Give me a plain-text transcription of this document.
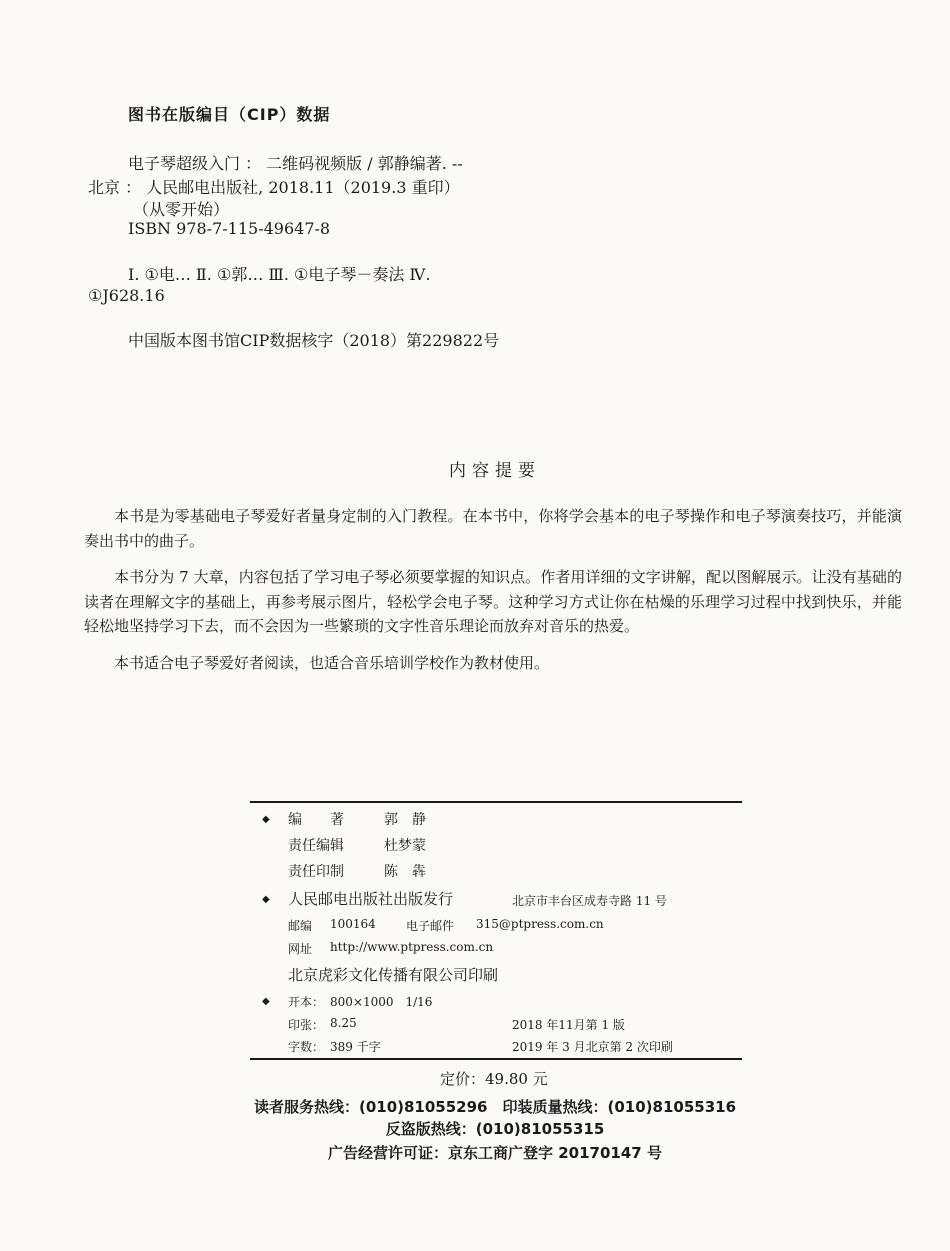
图书在版编目（CIP）数据
电子琴超级入门 ： 二维码视频版 / 郭静编著. --
北京 ： 人民邮电出版社, 2018.11（2019.3 重印）
（从零开始）
ISBN 978-7-115-49647-8
Ⅰ. ①电… Ⅱ. ①郭… Ⅲ. ①电子琴－奏法 Ⅳ.
①J628.16
中国版本图书馆CIP数据核字（2018）第229822号
内容提要

本书是为零基础电子琴爱好者量身定制的入门教程。在本书中，你将学会基本的电子琴操作和电子琴演奏技巧，并能演奏出书中的曲子。

本书分为 7 大章，内容包括了学习电子琴必须要掌握的知识点。作者用详细的文字讲解，配以图解展示。让没有基础的读者在理解文字的基础上，再参考展示图片，轻松学会电子琴。这种学习方式让你在枯燥的乐理学习过程中找到快乐，并能轻松地坚持学习下去，而不会因为一些繁琐的文字性音乐理论而放弃对音乐的热爱。

本书适合电子琴爱好者阅读，也适合音乐培训学校作为教材使用。

◆ 编　　著	郭　静
责任编辑	杜梦蒙
责任印制	陈　犇
◆ 人民邮电出版社出版发行	北京市丰台区成寿寺路 11 号
邮编 100164	电子邮件 315@ptpress.com.cn
网址 http://www.ptpress.com.cn
北京虎彩文化传播有限公司印刷
◆ 开本： 800×1000　1/16
印张： 8.25	2018 年11月第 1 版
字数： 389 千字	2019 年 3 月北京第 2 次印刷
定价：49.80 元
读者服务热线：(010)81055296　印装质量热线：(010)81055316
反盗版热线：(010)81055315
广告经营许可证：京东工商广登字 20170147 号
